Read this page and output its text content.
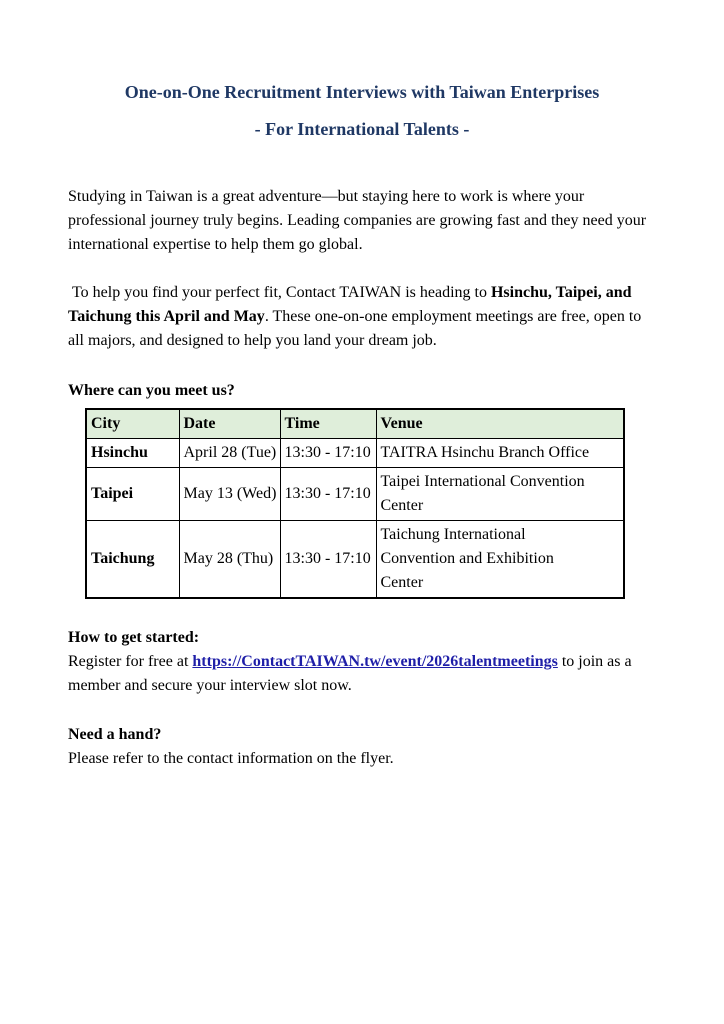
One-on-One Recruitment Interviews with Taiwan Enterprises
- For International Talents -

Studying in Taiwan is a great adventure—but staying here to work is where your professional journey truly begins. Leading companies are growing fast and they need your international expertise to help them go global.

To help you find your perfect fit, Contact TAIWAN is heading to Hsinchu, Taipei, and Taichung this April and May. These one-on-one employment meetings are free, open to all majors, and designed to help you land your dream job.

Where can you meet us?

City	Date	Time	Venue
Hsinchu	April 28 (Tue)	13:30 - 17:10	TAITRA Hsinchu Branch Office
Taipei	May 13 (Wed)	13:30 - 17:10	Taipei International Convention Center
Taichung	May 28 (Thu)	13:30 - 17:10	Taichung International Convention and Exhibition Center

How to get started:

Register for free at https://ContactTAIWAN.tw/event/2026talentmeetings to join as a member and secure your interview slot now.

Need a hand?

Please refer to the contact information on the flyer.
